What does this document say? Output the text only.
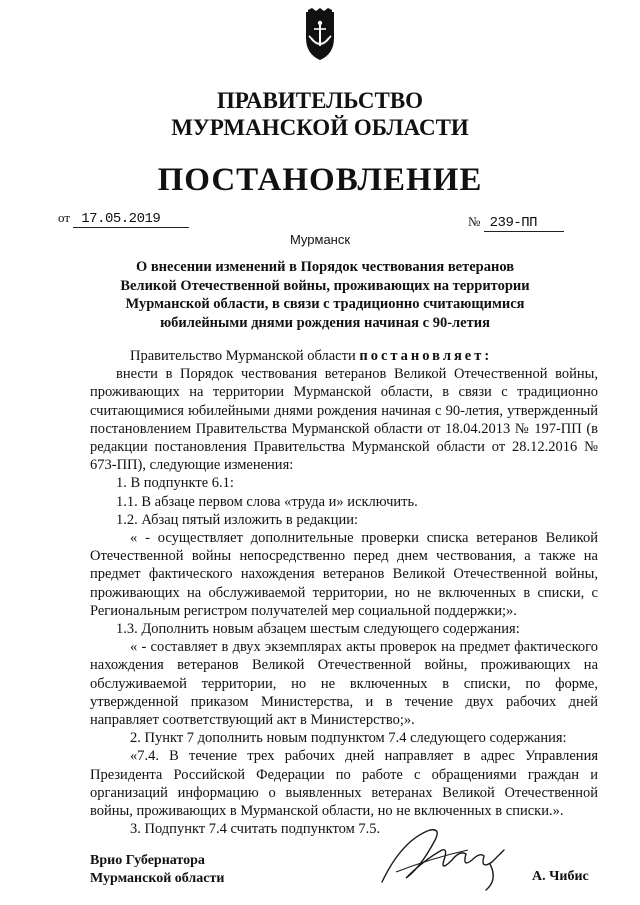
ПРАВИТЕЛЬСТВО
МУРМАНСКОЙ ОБЛАСТИ
ПОСТАНОВЛЕНИЕ
от 17.05.2019	№ 239-ПП
Мурманск
О внесении изменений в Порядок чествования ветеранов Великой Отечественной войны, проживающих на территории Мурманской области, в связи с традиционно считающимися юбилейными днями рождения начиная с 90-летия

Правительство Мурманской области постановляет:

внести в Порядок чествования ветеранов Великой Отечественной войны, проживающих на территории Мурманской области, в связи с традиционно считающимися юбилейными днями рождения начиная с 90-летия, утвержденный постановлением Правительства Мурманской области от 18.04.2013 № 197-ПП (в редакции постановления Правительства Мурманской области от 28.12.2016 № 673-ПП), следующие изменения:

1. В подпункте 6.1:

1.1. В абзаце первом слова «труда и» исключить.

1.2. Абзац пятый изложить в редакции:

« - осуществляет дополнительные проверки списка ветеранов Великой Отечественной войны непосредственно перед днем чествования, а также на предмет фактического нахождения ветеранов Великой Отечественной войны, проживающих на обслуживаемой территории, но не включенных в списки, с Региональным регистром получателей мер социальной поддержки;».

1.3. Дополнить новым абзацем шестым следующего содержания:

« - составляет в двух экземплярах акты проверок на предмет фактического нахождения ветеранов Великой Отечественной войны, проживающих на обслуживаемой территории, но не включенных в списки, по форме, утвержденной приказом Министерства, и в течение двух рабочих дней направляет соответствующий акт в Министерство;».

2. Пункт 7 дополнить новым подпунктом 7.4 следующего содержания:

«7.4. В течение трех рабочих дней направляет в адрес Управления Президента Российской Федерации по работе с обращениями граждан и организаций информацию о выявленных ветеранах Великой Отечественной войны, проживающих в Мурманской области, но не включенных в списки.».

3. Подпункт 7.4 считать подпунктом 7.5.

Врио Губернатора
Мурманской области	А. Чибис
